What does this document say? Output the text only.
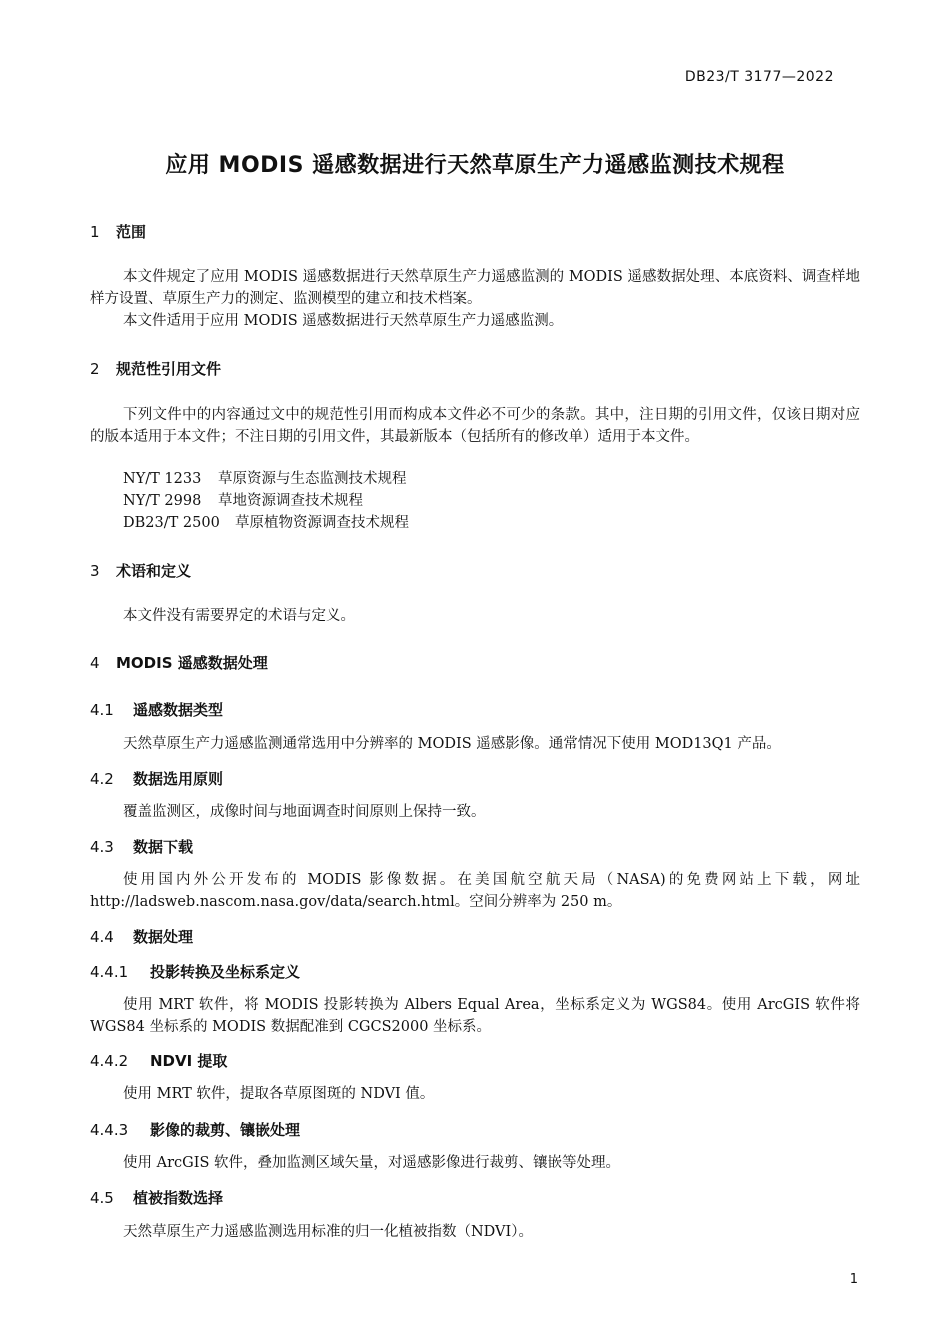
DB23/T 3177—2022
应用 MODIS 遥感数据进行天然草原生产力遥感监测技术规程
1 范围

本文件规定了应用 MODIS 遥感数据进行天然草原生产力遥感监测的 MODIS 遥感数据处理、本底资料、调查样地样方设置、草原生产力的测定、监测模型的建立和技术档案。

本文件适用于应用 MODIS 遥感数据进行天然草原生产力遥感监测。

2 规范性引用文件

下列文件中的内容通过文中的规范性引用而构成本文件必不可少的条款。其中，注日期的引用文件，仅该日期对应的版本适用于本文件；不注日期的引用文件，其最新版本（包括所有的修改单）适用于本文件。

NY/T 1233 草原资源与生态监测技术规程
NY/T 2998 草地资源调查技术规程
DB23/T 2500 草原植物资源调查技术规程
3 术语和定义

本文件没有需要界定的术语与定义。

4 MODIS 遥感数据处理
4.1 遥感数据类型

天然草原生产力遥感监测通常选用中分辨率的 MODIS 遥感影像。通常情况下使用 MOD13Q1 产品。

4.2 数据选用原则

覆盖监测区，成像时间与地面调查时间原则上保持一致。

4.3 数据下载

使用国内外公开发布的 MODIS 影像数据。在美国航空航天局（NASA)的免费网站上下载，网址 http://ladsweb.nascom.nasa.gov/data/search.html。空间分辨率为 250 m。

4.4 数据处理
4.4.1 投影转换及坐标系定义

使用 MRT 软件，将 MODIS 投影转换为 Albers Equal Area，坐标系定义为 WGS84。使用 ArcGIS 软件将 WGS84 坐标系的 MODIS 数据配准到 CGCS2000 坐标系。

4.4.2 NDVI 提取

使用 MRT 软件，提取各草原图斑的 NDVI 值。

4.4.3 影像的裁剪、镶嵌处理

使用 ArcGIS 软件，叠加监测区域矢量，对遥感影像进行裁剪、镶嵌等处理。

4.5 植被指数选择

天然草原生产力遥感监测选用标准的归一化植被指数（NDVI）。

1
